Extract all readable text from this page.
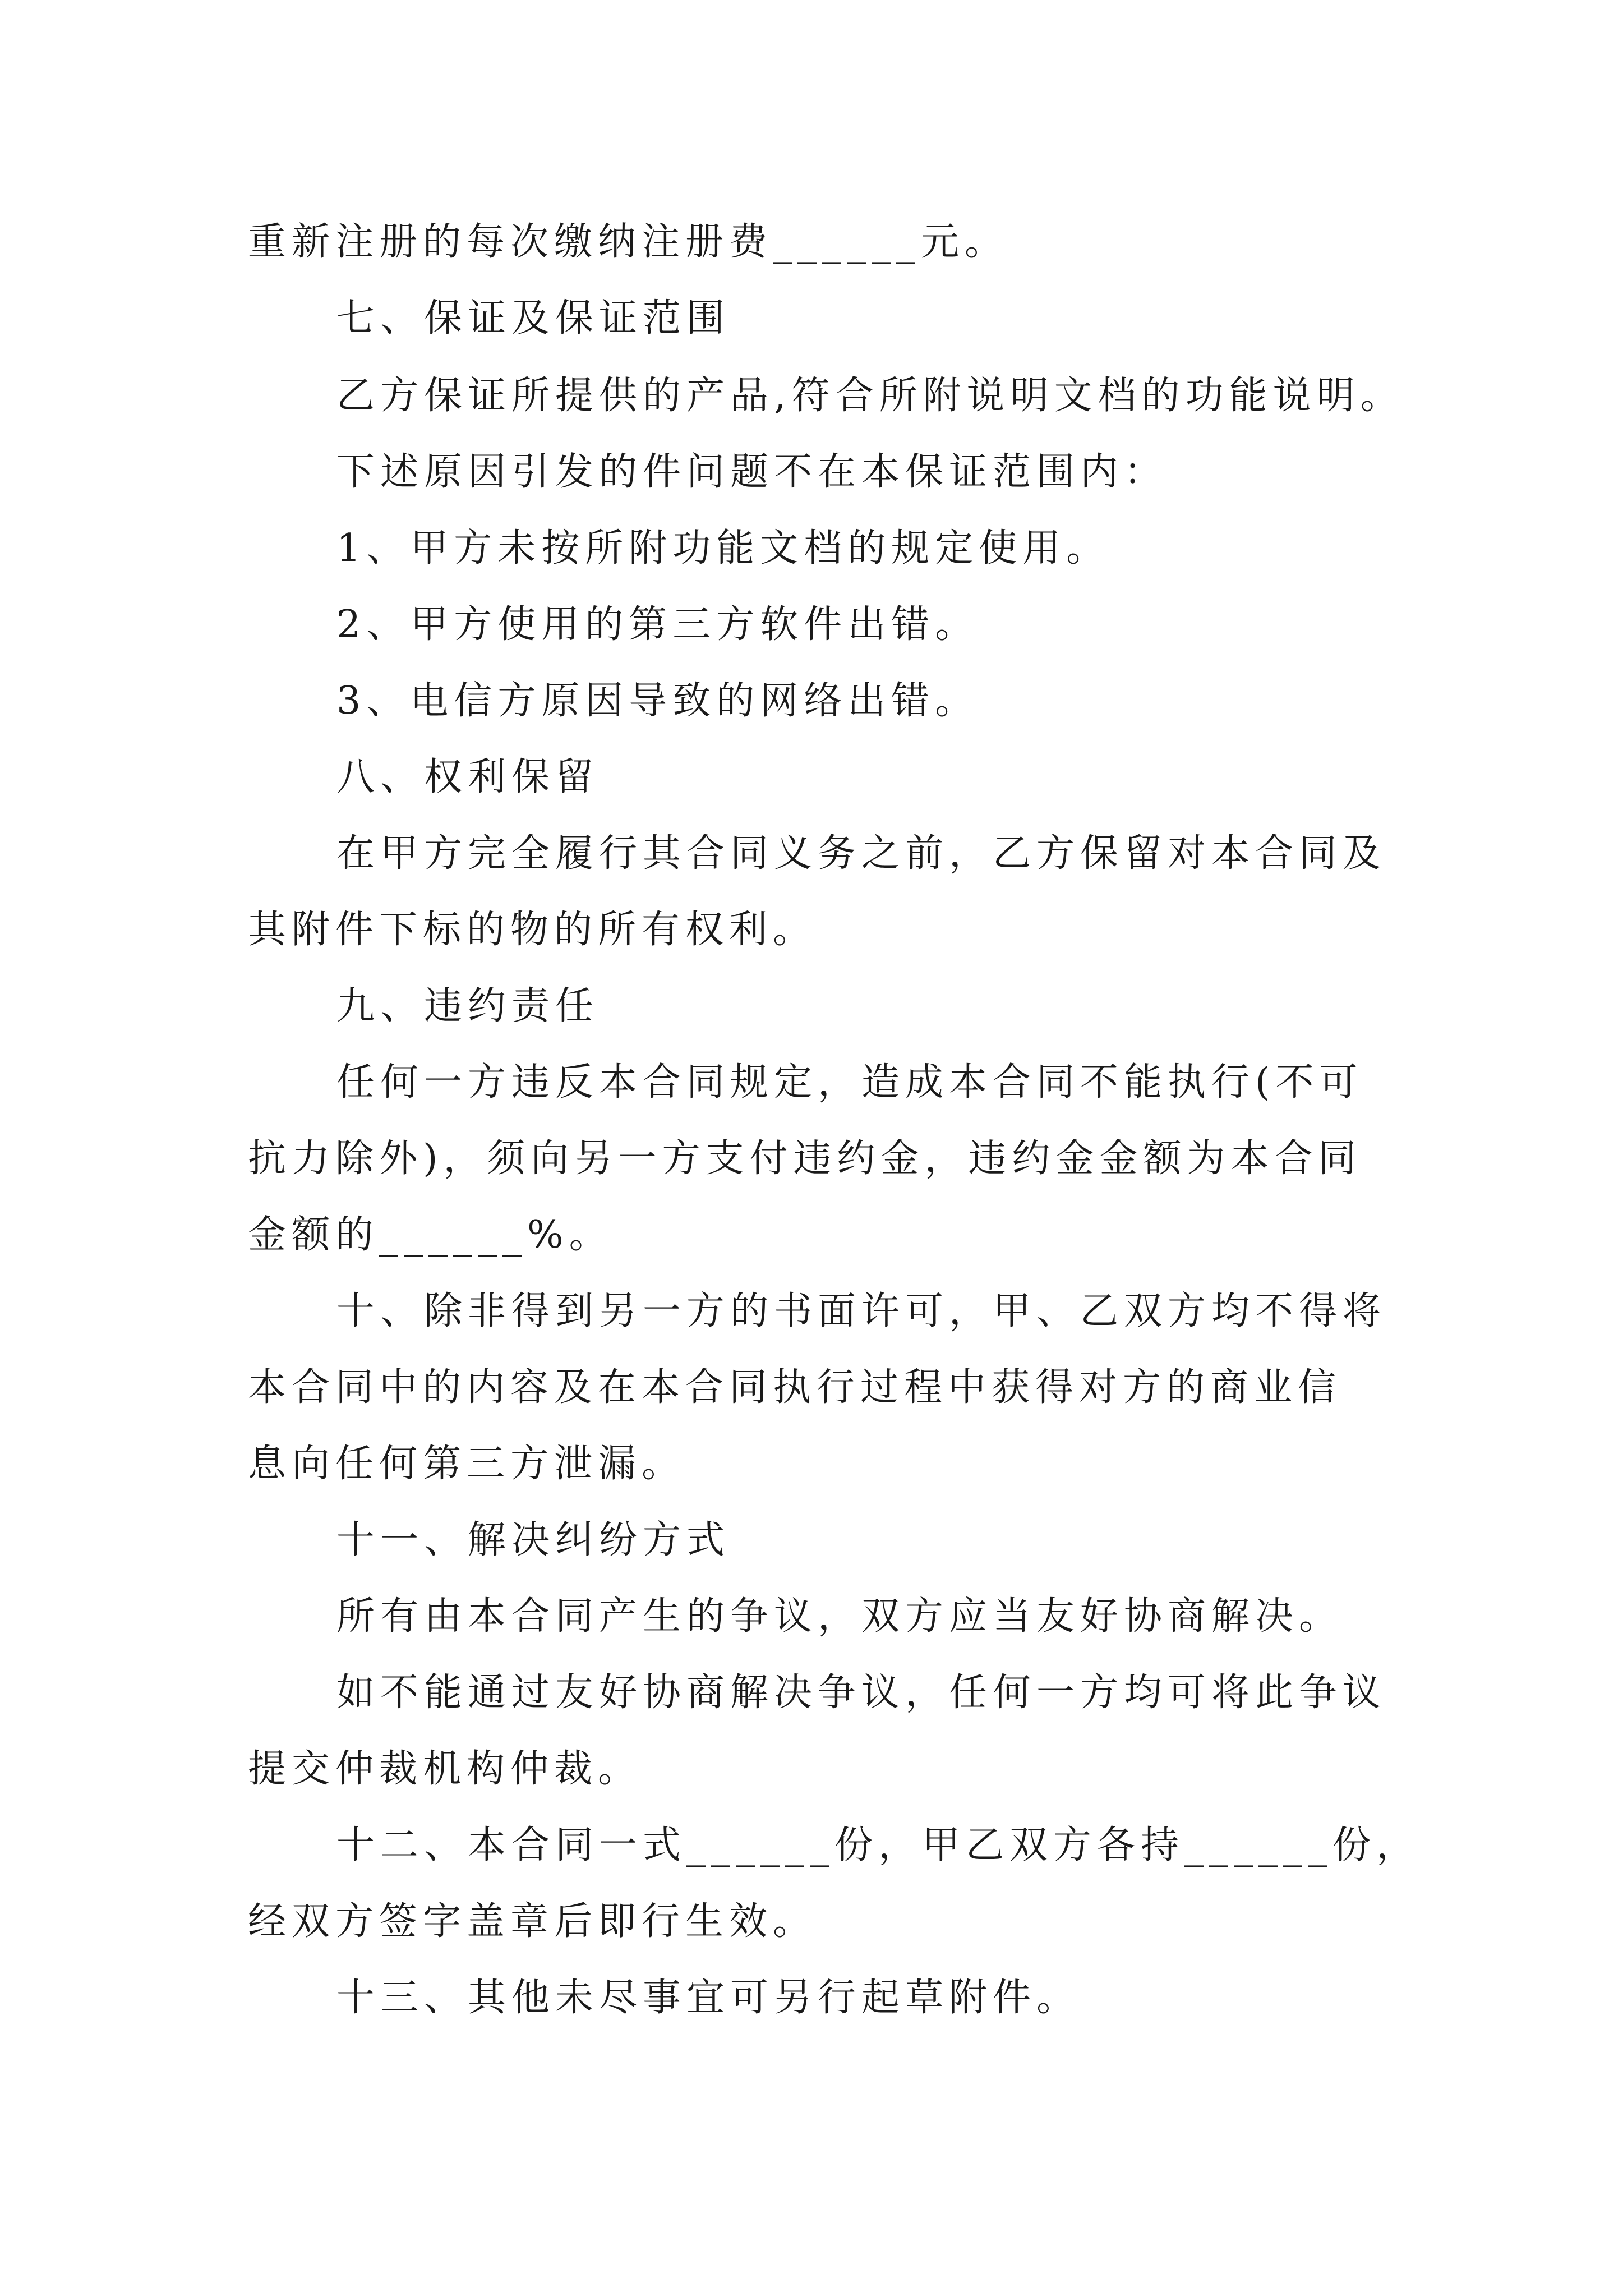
重新注册的每次缴纳注册费______元。
七、保证及保证范围
乙方保证所提供的产品,符合所附说明文档的功能说明。
下述原因引发的件问题不在本保证范围内：
1、甲方未按所附功能文档的规定使用。
2、甲方使用的第三方软件出错。
3、电信方原因导致的网络出错。
八、权利保留
在甲方完全履行其合同义务之前，乙方保留对本合同及
其附件下标的物的所有权利。
九、违约责任
任何一方违反本合同规定，造成本合同不能执行(不可
抗力除外)，须向另一方支付违约金，违约金金额为本合同
金额的______%。
十、除非得到另一方的书面许可，甲、乙双方均不得将
本合同中的内容及在本合同执行过程中获得对方的商业信
息向任何第三方泄漏。
十一、解决纠纷方式
所有由本合同产生的争议，双方应当友好协商解决。
如不能通过友好协商解决争议，任何一方均可将此争议
提交仲裁机构仲裁。
十二、本合同一式______份，甲乙双方各持______份，
经双方签字盖章后即行生效。
十三、其他未尽事宜可另行起草附件。
